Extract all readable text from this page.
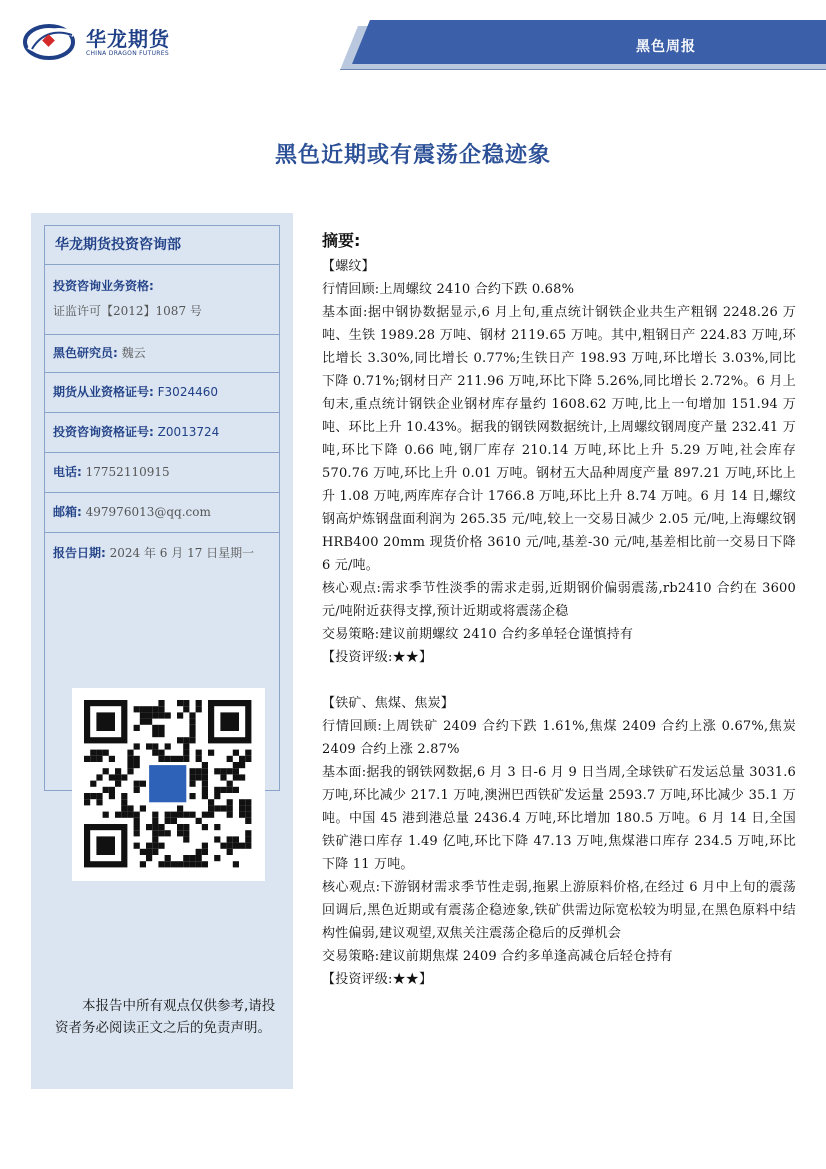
华龙期货
CHINA DRAGON FUTURES	黑色周报
黑色近期或有震荡企稳迹象
华龙期货投资咨询部
投资咨询业务资格:
证监许可【2012】1087 号
黑色研究员: 魏云
期货从业资格证号: F3024460
投资咨询资格证号: Z0013724
电话: 17752110915
邮箱: 497976013@qq.com
报告日期: 2024 年 6 月 17 日星期一
本报告中所有观点仅供参考,请投资者务必阅读正文之后的免责声明。
摘要:

【螺纹】

行情回顾:上周螺纹 2410 合约下跌 0.68%

基本面:据中钢协数据显示,6 月上旬,重点统计钢铁企业共生产粗钢 2248.26 万吨、生铁 1989.28 万吨、钢材 2119.65 万吨。其中,粗钢日产 224.83 万吨,环比增长 3.30%,同比增长 0.77%;生铁日产 198.93 万吨,环比增长 3.03%,同比下降 0.71%;钢材日产 211.96 万吨,环比下降 5.26%,同比增长 2.72%。6 月上旬末,重点统计钢铁企业钢材库存量约 1608.62 万吨,比上一旬增加 151.94 万吨、环比上升 10.43%。据我的钢铁网数据统计,上周螺纹钢周度产量 232.41 万吨,环比下降 0.66 吨,钢厂库存 210.14 万吨,环比上升 5.29 万吨,社会库存 570.76 万吨,环比上升 0.01 万吨。钢材五大品种周度产量 897.21 万吨,环比上升 1.08 万吨,两库库存合计 1766.8 万吨,环比上升 8.74 万吨。6 月 14 日,螺纹钢高炉炼钢盘面利润为 265.35 元/吨,较上一交易日减少 2.05 元/吨,上海螺纹钢 HRB400 20mm 现货价格 3610 元/吨,基差-30 元/吨,基差相比前一交易日下降 6 元/吨。

核心观点:需求季节性淡季的需求走弱,近期钢价偏弱震荡,rb2410 合约在 3600 元/吨附近获得支撑,预计近期或将震荡企稳

交易策略:建议前期螺纹 2410 合约多单轻仓谨慎持有

【投资评级:★★】

【铁矿、焦煤、焦炭】

行情回顾:上周铁矿 2409 合约下跌 1.61%,焦煤 2409 合约上涨 0.67%,焦炭 2409 合约上涨 2.87%

基本面:据我的钢铁网数据,6 月 3 日-6 月 9 日当周,全球铁矿石发运总量 3031.6 万吨,环比减少 217.1 万吨,澳洲巴西铁矿发运量 2593.7 万吨,环比减少 35.1 万吨。中国 45 港到港总量 2436.4 万吨,环比增加 180.5 万吨。6 月 14 日,全国铁矿港口库存 1.49 亿吨,环比下降 47.13 万吨,焦煤港口库存 234.5 万吨,环比下降 11 万吨。

核心观点:下游钢材需求季节性走弱,拖累上游原料价格,在经过 6 月中上旬的震荡回调后,黑色近期或有震荡企稳迹象,铁矿供需边际宽松较为明显,在黑色原料中结构性偏弱,建议观望,双焦关注震荡企稳后的反弹机会

交易策略:建议前期焦煤 2409 合约多单逢高减仓后轻仓持有

【投资评级:★★】
